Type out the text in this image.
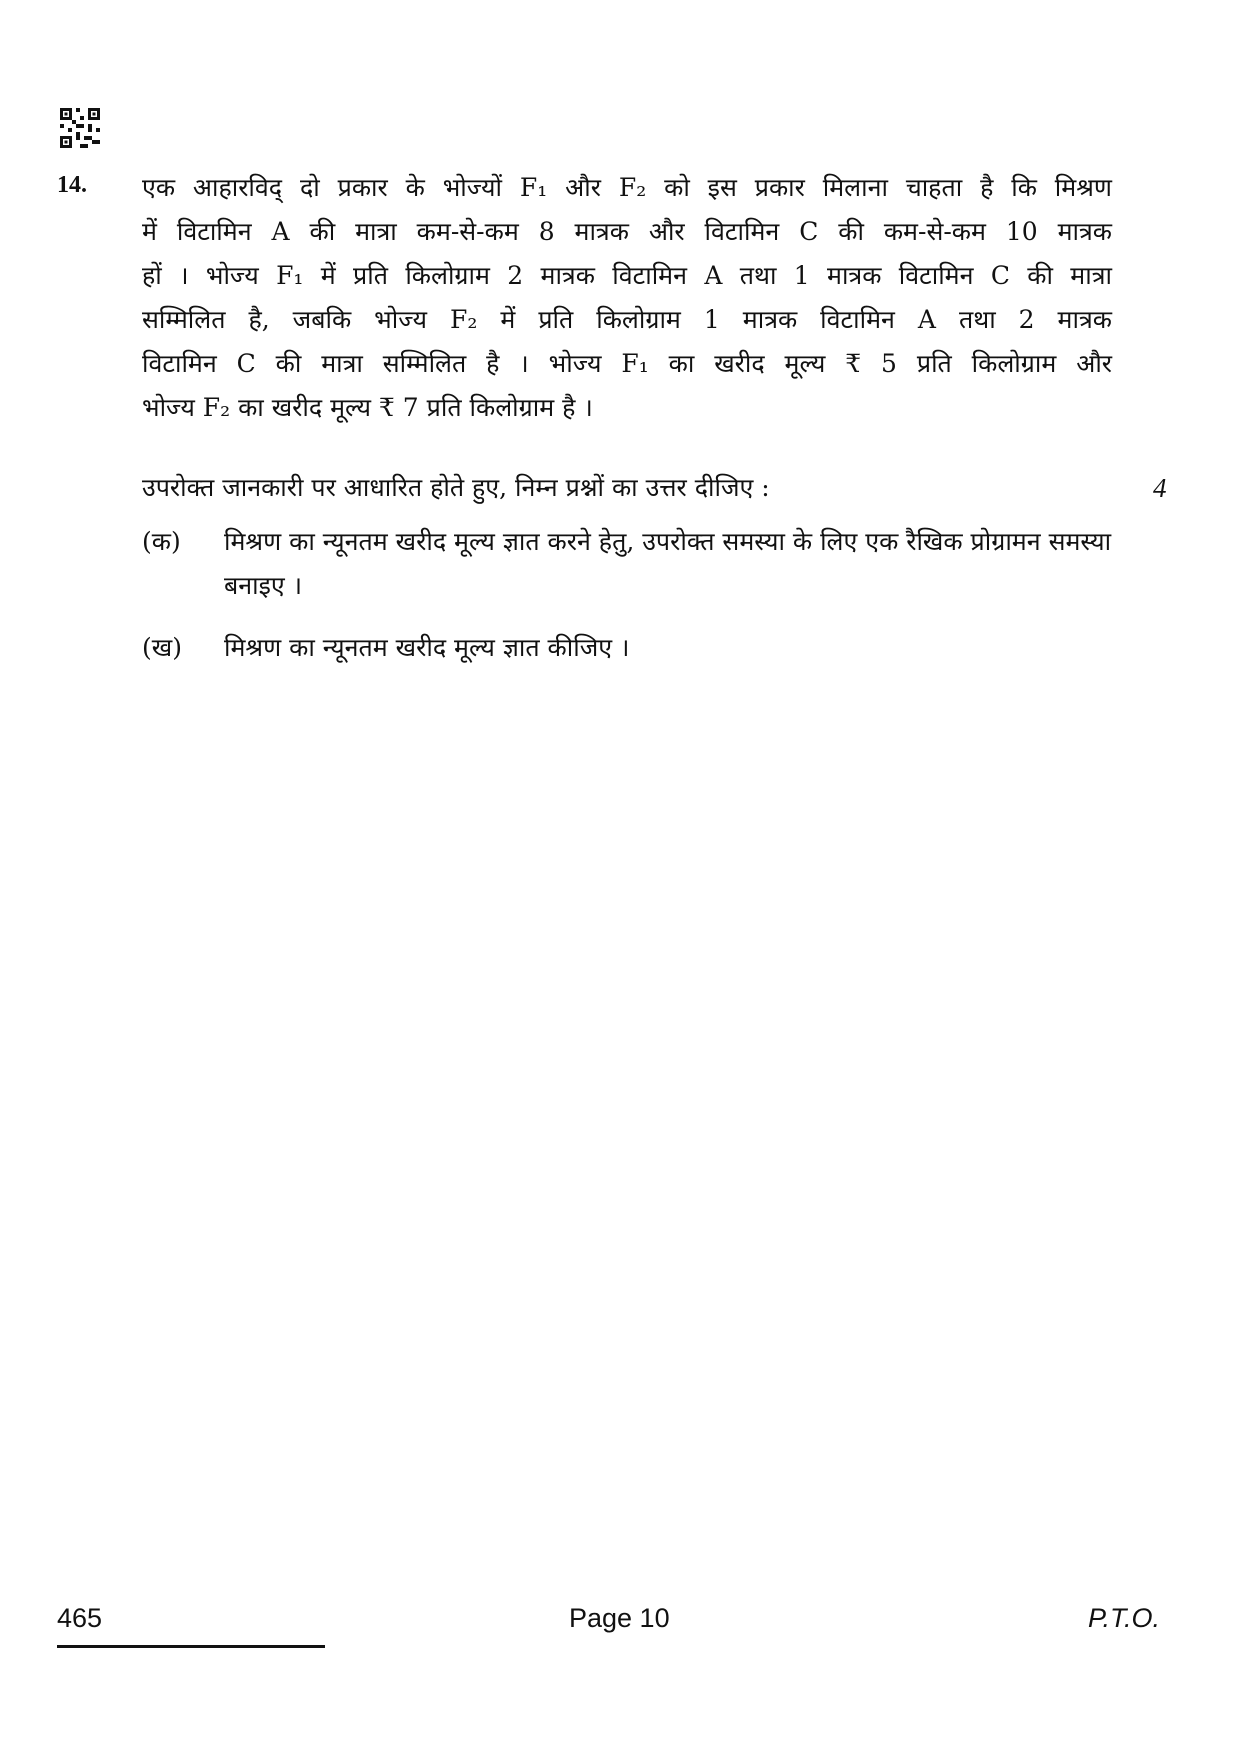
14. एक आहारविद् दो प्रकार के भोज्यों F₁ और F₂ को इस प्रकार मिलाना चाहता है कि मिश्रण
में विटामिन A की मात्रा कम-से-कम 8 मात्रक और विटामिन C की कम-से-कम 10 मात्रक
हों । भोज्य F₁ में प्रति किलोग्राम 2 मात्रक विटामिन A तथा 1 मात्रक विटामिन C की मात्रा
सम्मिलित है, जबकि भोज्य F₂ में प्रति किलोग्राम 1 मात्रक विटामिन A तथा 2 मात्रक
विटामिन C की मात्रा सम्मिलित है । भोज्य F₁ का खरीद मूल्य ₹ 5 प्रति किलोग्राम और
भोज्य F₂ का खरीद मूल्य ₹ 7 प्रति किलोग्राम है ।
उपरोक्त जानकारी पर आधारित होते हुए, निम्न प्रश्नों का उत्तर दीजिए :	4
(क) मिश्रण का न्यूनतम खरीद मूल्य ज्ञात करने हेतु, उपरोक्त समस्या के लिए एक रैखिक प्रोग्रामन समस्या बनाइए ।
(ख) मिश्रण का न्यूनतम खरीद मूल्य ज्ञात कीजिए ।
465	Page 10	P.T.O.
